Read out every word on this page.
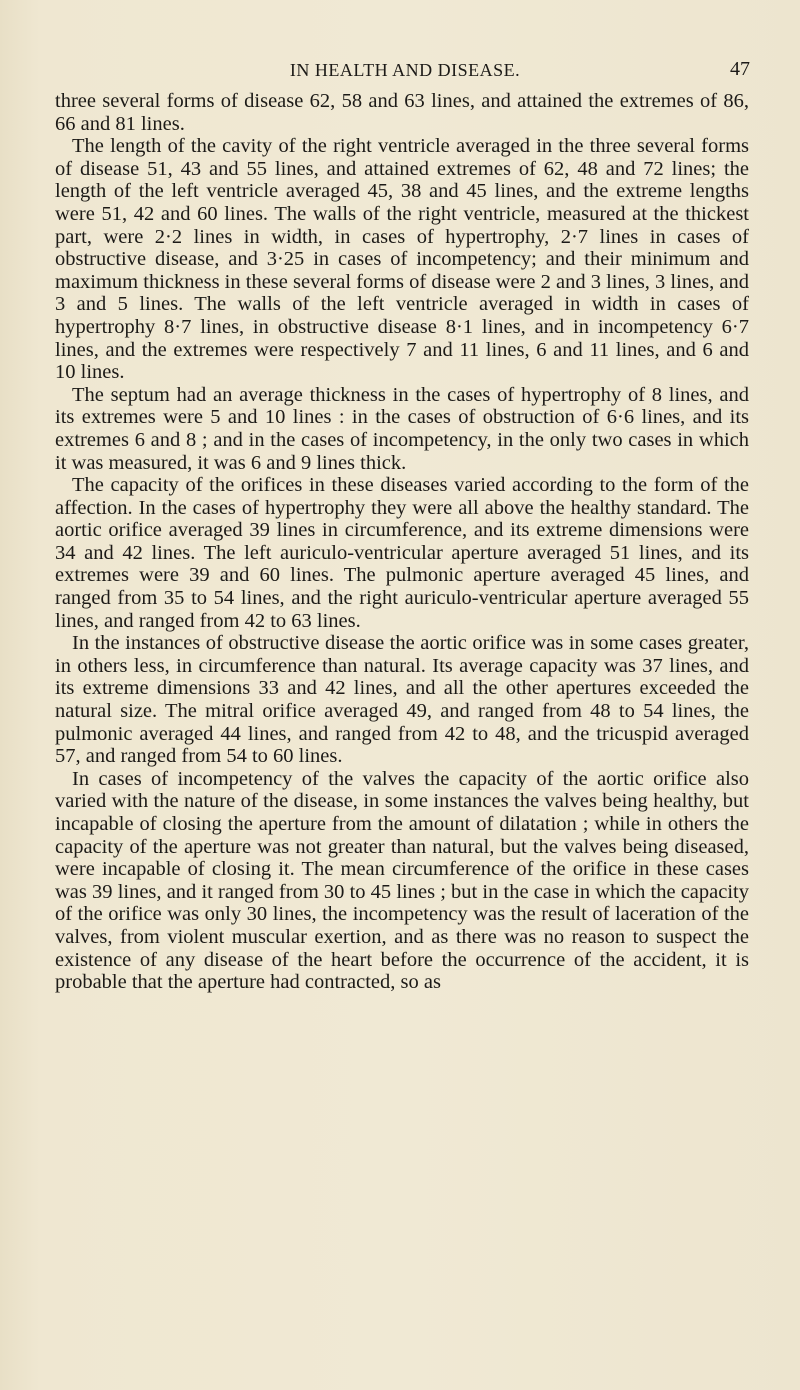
IN HEALTH AND DISEASE.	47

three several forms of disease 62, 58 and 63 lines, and attained the extremes of 86, 66 and 81 lines.

The length of the cavity of the right ventricle averaged in the three several forms of disease 51, 43 and 55 lines, and attained extremes of 62, 48 and 72 lines; the length of the left ventricle averaged 45, 38 and 45 lines, and the extreme lengths were 51, 42 and 60 lines. The walls of the right ventricle, measured at the thickest part, were 2·2 lines in width, in cases of hypertrophy, 2·7 lines in cases of obstructive disease, and 3·25 in cases of incompetency; and their minimum and maximum thickness in these several forms of disease were 2 and 3 lines, 3 lines, and 3 and 5 lines. The walls of the left ventricle averaged in width in cases of hypertrophy 8·7 lines, in obstructive disease 8·1 lines, and in incompetency 6·7 lines, and the extremes were respectively 7 and 11 lines, 6 and 11 lines, and 6 and 10 lines.

The septum had an average thickness in the cases of hypertrophy of 8 lines, and its extremes were 5 and 10 lines : in the cases of obstruction of 6·6 lines, and its extremes 6 and 8 ; and in the cases of incompetency, in the only two cases in which it was measured, it was 6 and 9 lines thick.

The capacity of the orifices in these diseases varied according to the form of the affection. In the cases of hypertrophy they were all above the healthy standard. The aortic orifice averaged 39 lines in circumference, and its extreme dimensions were 34 and 42 lines. The left auriculo-ventricular aperture averaged 51 lines, and its extremes were 39 and 60 lines. The pulmonic aperture averaged 45 lines, and ranged from 35 to 54 lines, and the right auriculo-ventricular aperture averaged 55 lines, and ranged from 42 to 63 lines.

In the instances of obstructive disease the aortic orifice was in some cases greater, in others less, in circumference than natural. Its average capacity was 37 lines, and its extreme dimensions 33 and 42 lines, and all the other apertures exceeded the natural size. The mitral orifice averaged 49, and ranged from 48 to 54 lines, the pulmonic averaged 44 lines, and ranged from 42 to 48, and the tricuspid averaged 57, and ranged from 54 to 60 lines.

In cases of incompetency of the valves the capacity of the aortic orifice also varied with the nature of the disease, in some instances the valves being healthy, but incapable of closing the aperture from the amount of dilatation ; while in others the capacity of the aperture was not greater than natural, but the valves being diseased, were incapable of closing it. The mean circumference of the orifice in these cases was 39 lines, and it ranged from 30 to 45 lines ; but in the case in which the capacity of the orifice was only 30 lines, the incompetency was the result of laceration of the valves, from violent muscular exertion, and as there was no reason to suspect the existence of any disease of the heart before the occurrence of the accident, it is probable that the aperture had contracted, so as
